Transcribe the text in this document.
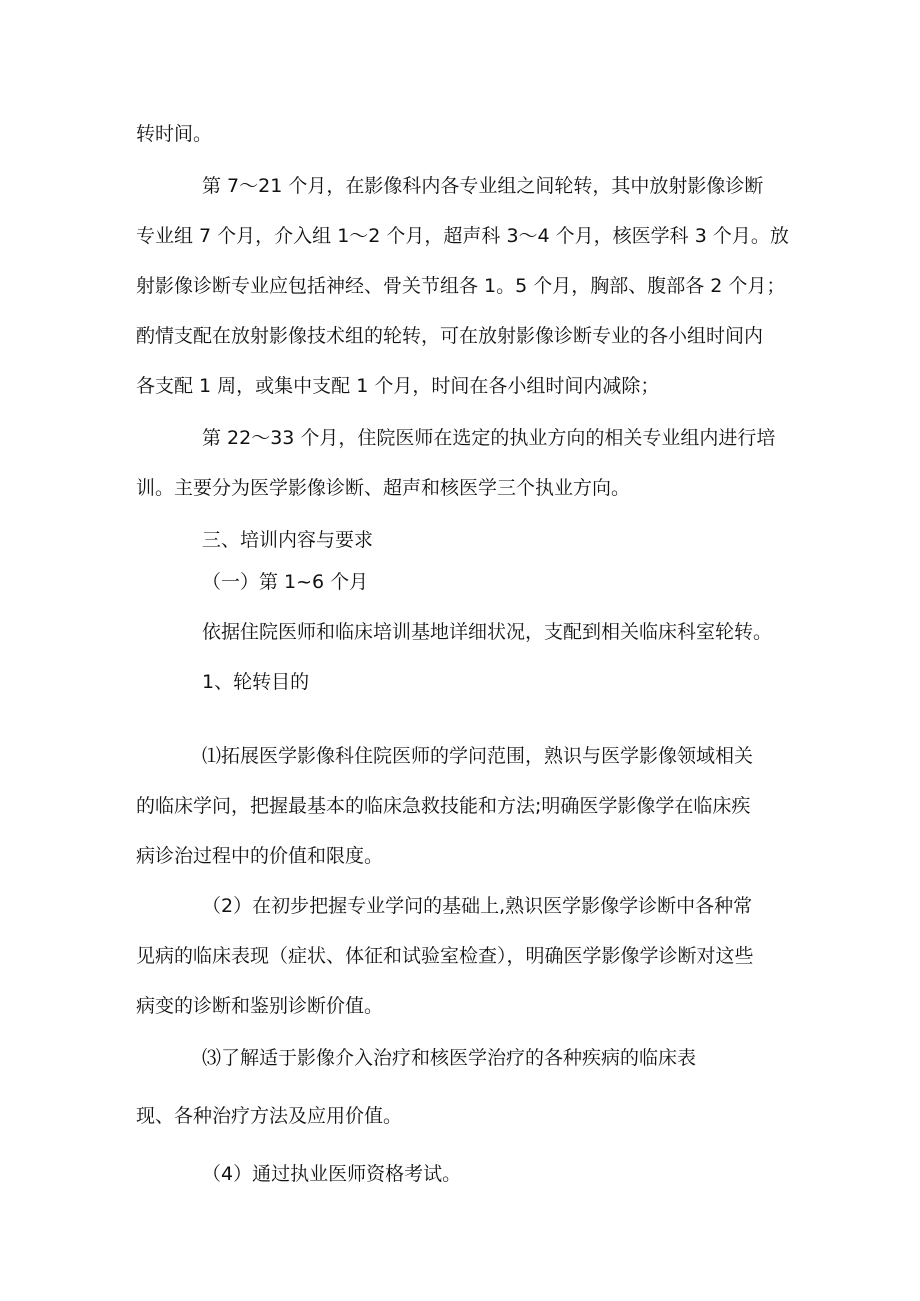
转时间。

第 7～21 个月，在影像科内各专业组之间轮转，其中放射影像诊断

专业组 7 个月，介入组 1～2 个月，超声科 3～4 个月，核医学科 3 个月。放

射影像诊断专业应包括神经、骨关节组各 1。5 个月，胸部、腹部各 2 个月；

酌情支配在放射影像技术组的轮转，可在放射影像诊断专业的各小组时间内

各支配 1 周，或集中支配 1 个月，时间在各小组时间内减除；

第 22～33 个月，住院医师在选定的执业方向的相关专业组内进行培

训。主要分为医学影像诊断、超声和核医学三个执业方向。

三、培训内容与要求

（一）第 1~6 个月

依据住院医师和临床培训基地详细状况，支配到相关临床科室轮转。

1、轮转目的

⑴拓展医学影像科住院医师的学问范围，熟识与医学影像领域相关

的临床学问，把握最基本的临床急救技能和方法;明确医学影像学在临床疾

病诊治过程中的价值和限度。

（2）在初步把握专业学问的基础上,熟识医学影像学诊断中各种常

见病的临床表现（症状、体征和试验室检查），明确医学影像学诊断对这些

病变的诊断和鉴别诊断价值。

⑶了解适于影像介入治疗和核医学治疗的各种疾病的临床表

现、各种治疗方法及应用价值。

（4）通过执业医师资格考试。
